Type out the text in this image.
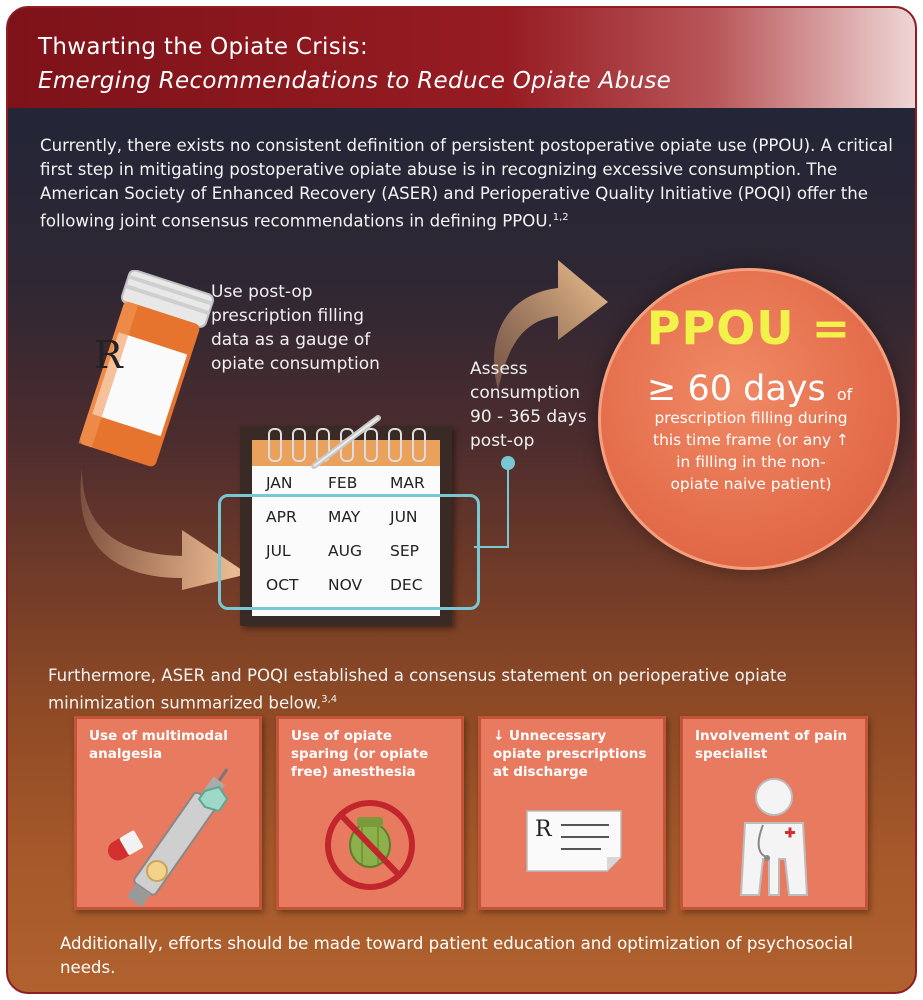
Thwarting the Opiate Crisis:
Emerging Recommendations to Reduce Opiate Abuse
Currently, there exists no consistent definition of persistent postoperative opiate use (PPOU). A critical first step in mitigating postoperative opiate abuse is in recognizing excessive consumption. The American Society of Enhanced Recovery (ASER) and Perioperative Quality Initiative (POQI) offer the following joint consensus recommendations in defining PPOU.$^{1,2}$
R
Use post-op
prescription filling
data as a gauge of
opiate consumption	Assess
consumption
90 - 365 days
post-op
JAN FEB MAR
APR MAY JUN
JUL AUG SEP
OCT NOV DEC
PPOU =
≥ 60 days of
prescription filling during
this time frame (or any ↑
in filling in the non-
opiate naive patient)
Furthermore, ASER and POQI established a consensus statement on perioperative opiate minimization summarized below.$^{3,4}$
Use of multimodal analgesia
Use of opiate sparing (or opiate free) anesthesia
↓ Unnecessary opiate prescriptions at discharge
R
Involvement of pain specialist
Additionally, efforts should be made toward patient education and optimization of psychosocial needs.
